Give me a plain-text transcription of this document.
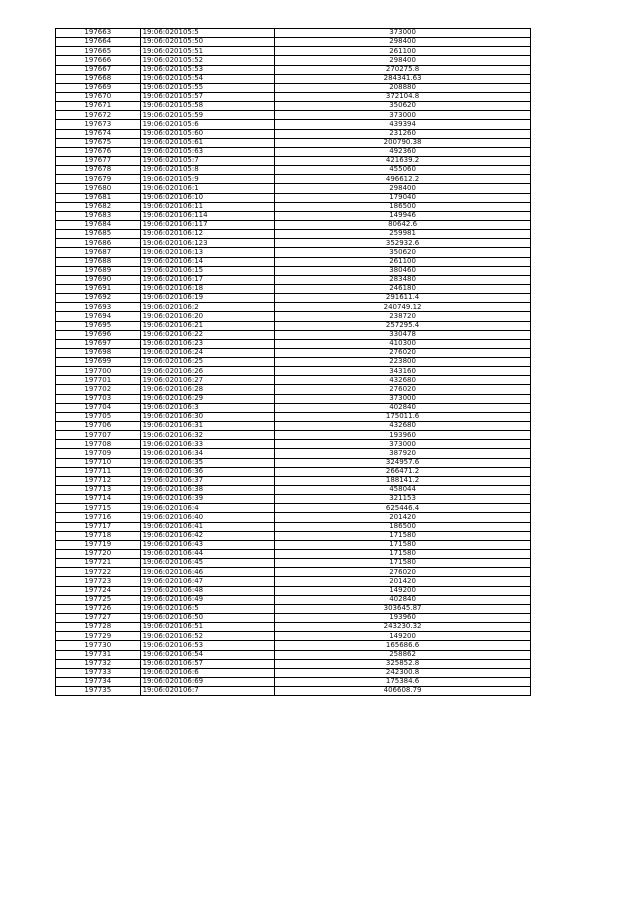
197663	19:06:020105:5	373000
197664	19:06:020105:50	298400
197665	19:06:020105:51	261100
197666	19:06:020105:52	298400
197667	19:06:020105:53	270275.8
197668	19:06:020105:54	284341.63
197669	19:06:020105:55	208880
197670	19:06:020105:57	372104.8
197671	19:06:020105:58	350620
197672	19:06:020105:59	373000
197673	19:06:020105:6	439394
197674	19:06:020105:60	231260
197675	19:06:020105:61	200790.38
197676	19:06:020105:63	492360
197677	19:06:020105:7	421639.2
197678	19:06:020105:8	455060
197679	19:06:020105:9	496612.2
197680	19:06:020106:1	298400
197681	19:06:020106:10	179040
197682	19:06:020106:11	186500
197683	19:06:020106:114	149946
197684	19:06:020106:117	80642.6
197685	19:06:020106:12	259981
197686	19:06:020106:123	352932.6
197687	19:06:020106:13	350620
197688	19:06:020106:14	261100
197689	19:06:020106:15	380460
197690	19:06:020106:17	283480
197691	19:06:020106:18	246180
197692	19:06:020106:19	291611.4
197693	19:06:020106:2	240749.12
197694	19:06:020106:20	238720
197695	19:06:020106:21	257295.4
197696	19:06:020106:22	330478
197697	19:06:020106:23	410300
197698	19:06:020106:24	276020
197699	19:06:020106:25	223800
197700	19:06:020106:26	343160
197701	19:06:020106:27	432680
197702	19:06:020106:28	276020
197703	19:06:020106:29	373000
197704	19:06:020106:3	402840
197705	19:06:020106:30	175011.6
197706	19:06:020106:31	432680
197707	19:06:020106:32	193960
197708	19:06:020106:33	373000
197709	19:06:020106:34	387920
197710	19:06:020106:35	324957.6
197711	19:06:020106:36	266471.2
197712	19:06:020106:37	188141.2
197713	19:06:020106:38	458044
197714	19:06:020106:39	321153
197715	19:06:020106:4	625446.4
197716	19:06:020106:40	201420
197717	19:06:020106:41	186500
197718	19:06:020106:42	171580
197719	19:06:020106:43	171580
197720	19:06:020106:44	171580
197721	19:06:020106:45	171580
197722	19:06:020106:46	276020
197723	19:06:020106:47	201420
197724	19:06:020106:48	149200
197725	19:06:020106:49	402840
197726	19:06:020106:5	303645.87
197727	19:06:020106:50	193960
197728	19:06:020106:51	243230.32
197729	19:06:020106:52	149200
197730	19:06:020106:53	165686.6
197731	19:06:020106:54	258862
197732	19:06:020106:57	325852.8
197733	19:06:020106:6	242300.8
197734	19:06:020106:69	175384.6
197735	19:06:020106:7	406608.79
